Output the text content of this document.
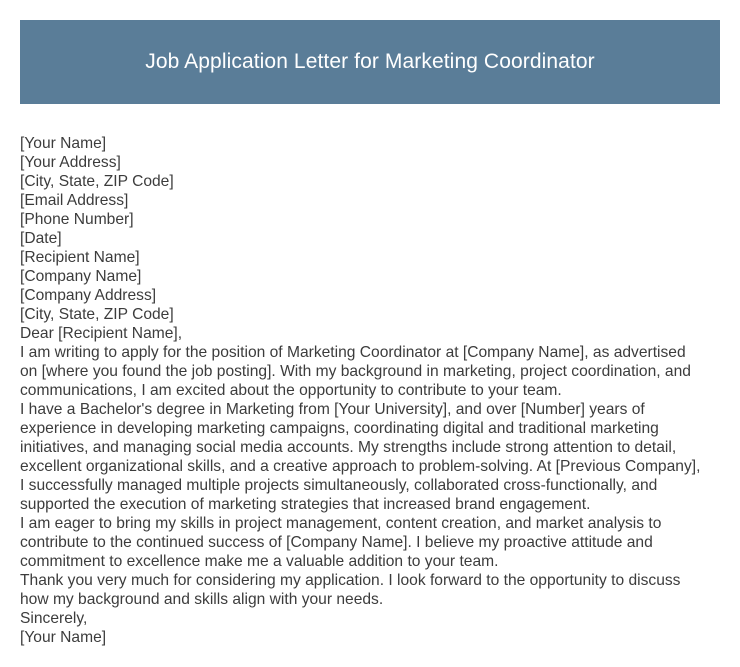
Job Application Letter for Marketing Coordinator
[Your Name]
[Your Address]
[City, State, ZIP Code]
[Email Address]
[Phone Number]
[Date]
[Recipient Name]
[Company Name]
[Company Address]
[City, State, ZIP Code]
Dear [Recipient Name],
I am writing to apply for the position of Marketing Coordinator at [Company Name], as advertised
on [where you found the job posting]. With my background in marketing, project coordination, and
communications, I am excited about the opportunity to contribute to your team.
I have a Bachelor's degree in Marketing from [Your University], and over [Number] years of
experience in developing marketing campaigns, coordinating digital and traditional marketing
initiatives, and managing social media accounts. My strengths include strong attention to detail,
excellent organizational skills, and a creative approach to problem-solving. At [Previous Company],
I successfully managed multiple projects simultaneously, collaborated cross-functionally, and
supported the execution of marketing strategies that increased brand engagement.
I am eager to bring my skills in project management, content creation, and market analysis to
contribute to the continued success of [Company Name]. I believe my proactive attitude and
commitment to excellence make me a valuable addition to your team.
Thank you very much for considering my application. I look forward to the opportunity to discuss
how my background and skills align with your needs.
Sincerely,
[Your Name]
